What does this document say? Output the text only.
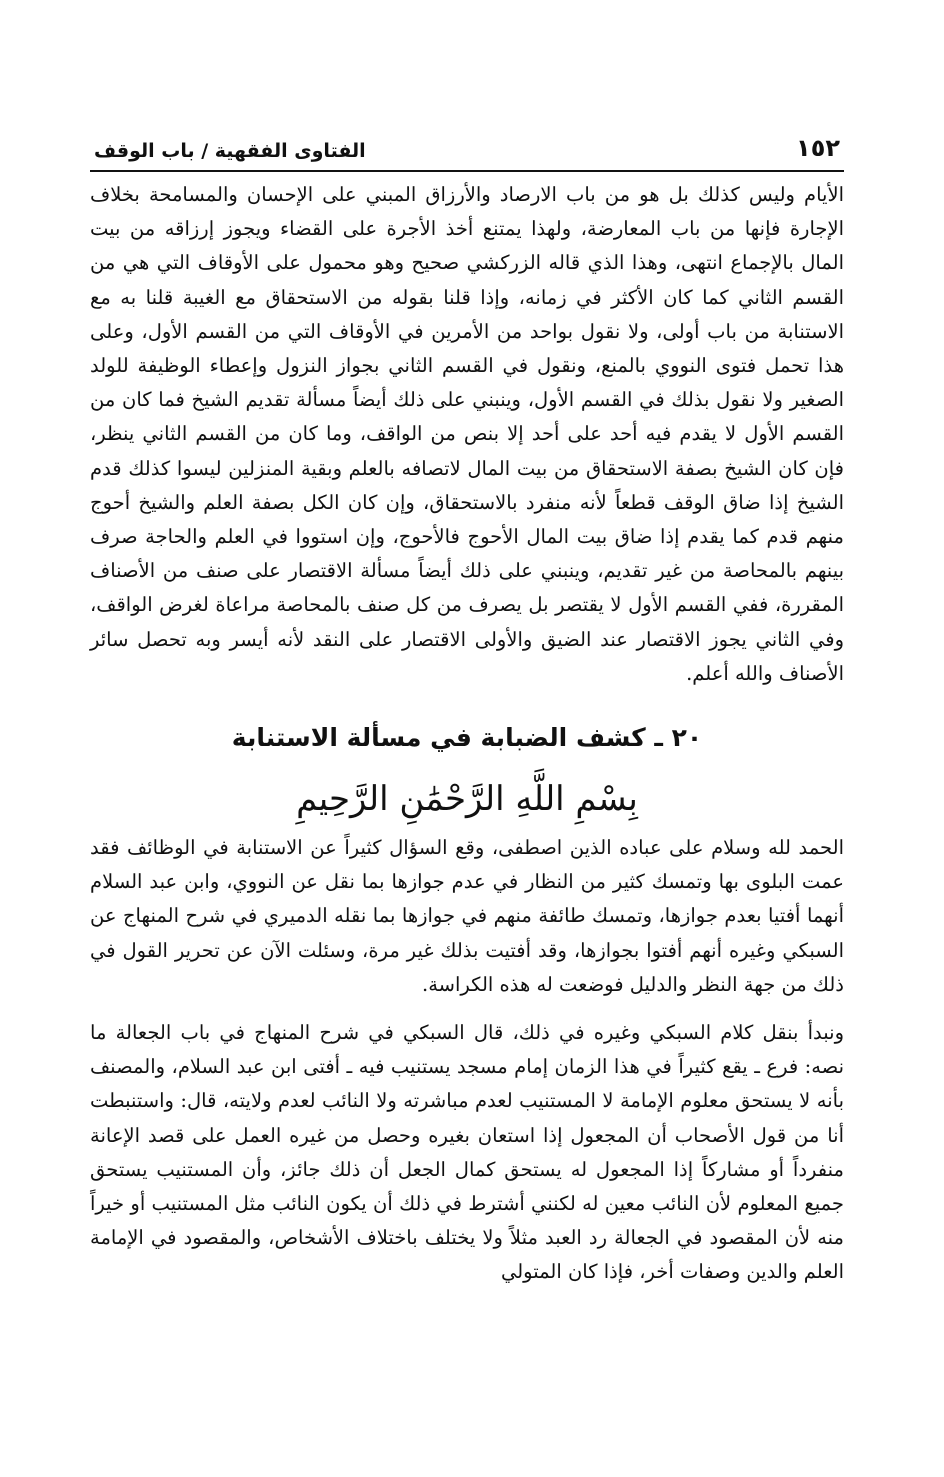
١٥٢
الفتاوى الفقهية / باب الوقف

الأيام وليس كذلك بل هو من باب الارصاد والأرزاق المبني على الإحسان والمسامحة بخلاف الإجارة فإنها من باب المعارضة، ولهذا يمتنع أخذ الأجرة على القضاء ويجوز إرزاقه من بيت المال بالإجماع انتهى، وهذا الذي قاله الزركشي صحيح وهو محمول على الأوقاف التي هي من القسم الثاني كما كان الأكثر في زمانه، وإذا قلنا بقوله من الاستحقاق مع الغيبة قلنا به مع الاستنابة من باب أولى، ولا نقول بواحد من الأمرين في الأوقاف التي من القسم الأول، وعلى هذا تحمل فتوى النووي بالمنع، ونقول في القسم الثاني بجواز النزول وإعطاء الوظيفة للولد الصغير ولا نقول بذلك في القسم الأول، وينبني على ذلك أيضاً مسألة تقديم الشيخ فما كان من القسم الأول لا يقدم فيه أحد على أحد إلا بنص من الواقف، وما كان من القسم الثاني ينظر، فإن كان الشيخ بصفة الاستحقاق من بيت المال لاتصافه بالعلم وبقية المنزلين ليسوا كذلك قدم الشيخ إذا ضاق الوقف قطعاً لأنه منفرد بالاستحقاق، وإن كان الكل بصفة العلم والشيخ أحوج منهم قدم كما يقدم إذا ضاق بيت المال الأحوج فالأحوج، وإن استووا في العلم والحاجة صرف بينهم بالمحاصة من غير تقديم، وينبني على ذلك أيضاً مسألة الاقتصار على صنف من الأصناف المقررة، ففي القسم الأول لا يقتصر بل يصرف من كل صنف بالمحاصة مراعاة لغرض الواقف، وفي الثاني يجوز الاقتصار عند الضيق والأولى الاقتصار على النقد لأنه أيسر وبه تحصل سائر الأصناف والله أعلم.

٢٠ ـ كشف الضبابة في مسألة الاستنابة
بِسْمِ اللَّهِ الرَّحْمَٰنِ الرَّحِيمِ

الحمد لله وسلام على عباده الذين اصطفى، وقع السؤال كثيراً عن الاستنابة في الوظائف فقد عمت البلوى بها وتمسك كثير من النظار في عدم جوازها بما نقل عن النووي، وابن عبد السلام أنهما أفتيا بعدم جوازها، وتمسك طائفة منهم في جوازها بما نقله الدميري في شرح المنهاج عن السبكي وغيره أنهم أفتوا بجوازها، وقد أفتيت بذلك غير مرة، وسئلت الآن عن تحرير القول في ذلك من جهة النظر والدليل فوضعت له هذه الكراسة.

ونبدأ بنقل كلام السبكي وغيره في ذلك، قال السبكي في شرح المنهاج في باب الجعالة ما نصه: فرع ـ يقع كثيراً في هذا الزمان إمام مسجد يستنيب فيه ـ أفتى ابن عبد السلام، والمصنف بأنه لا يستحق معلوم الإمامة لا المستنيب لعدم مباشرته ولا النائب لعدم ولايته، قال: واستنبطت أنا من قول الأصحاب أن المجعول إذا استعان بغيره وحصل من غيره العمل على قصد الإعانة منفرداً أو مشاركاً إذا المجعول له يستحق كمال الجعل أن ذلك جائز، وأن المستنيب يستحق جميع المعلوم لأن النائب معين له لكنني أشترط في ذلك أن يكون النائب مثل المستنيب أو خيراً منه لأن المقصود في الجعالة رد العبد مثلاً ولا يختلف باختلاف الأشخاص، والمقصود في الإمامة العلم والدين وصفات أخر، فإذا كان المتولي
